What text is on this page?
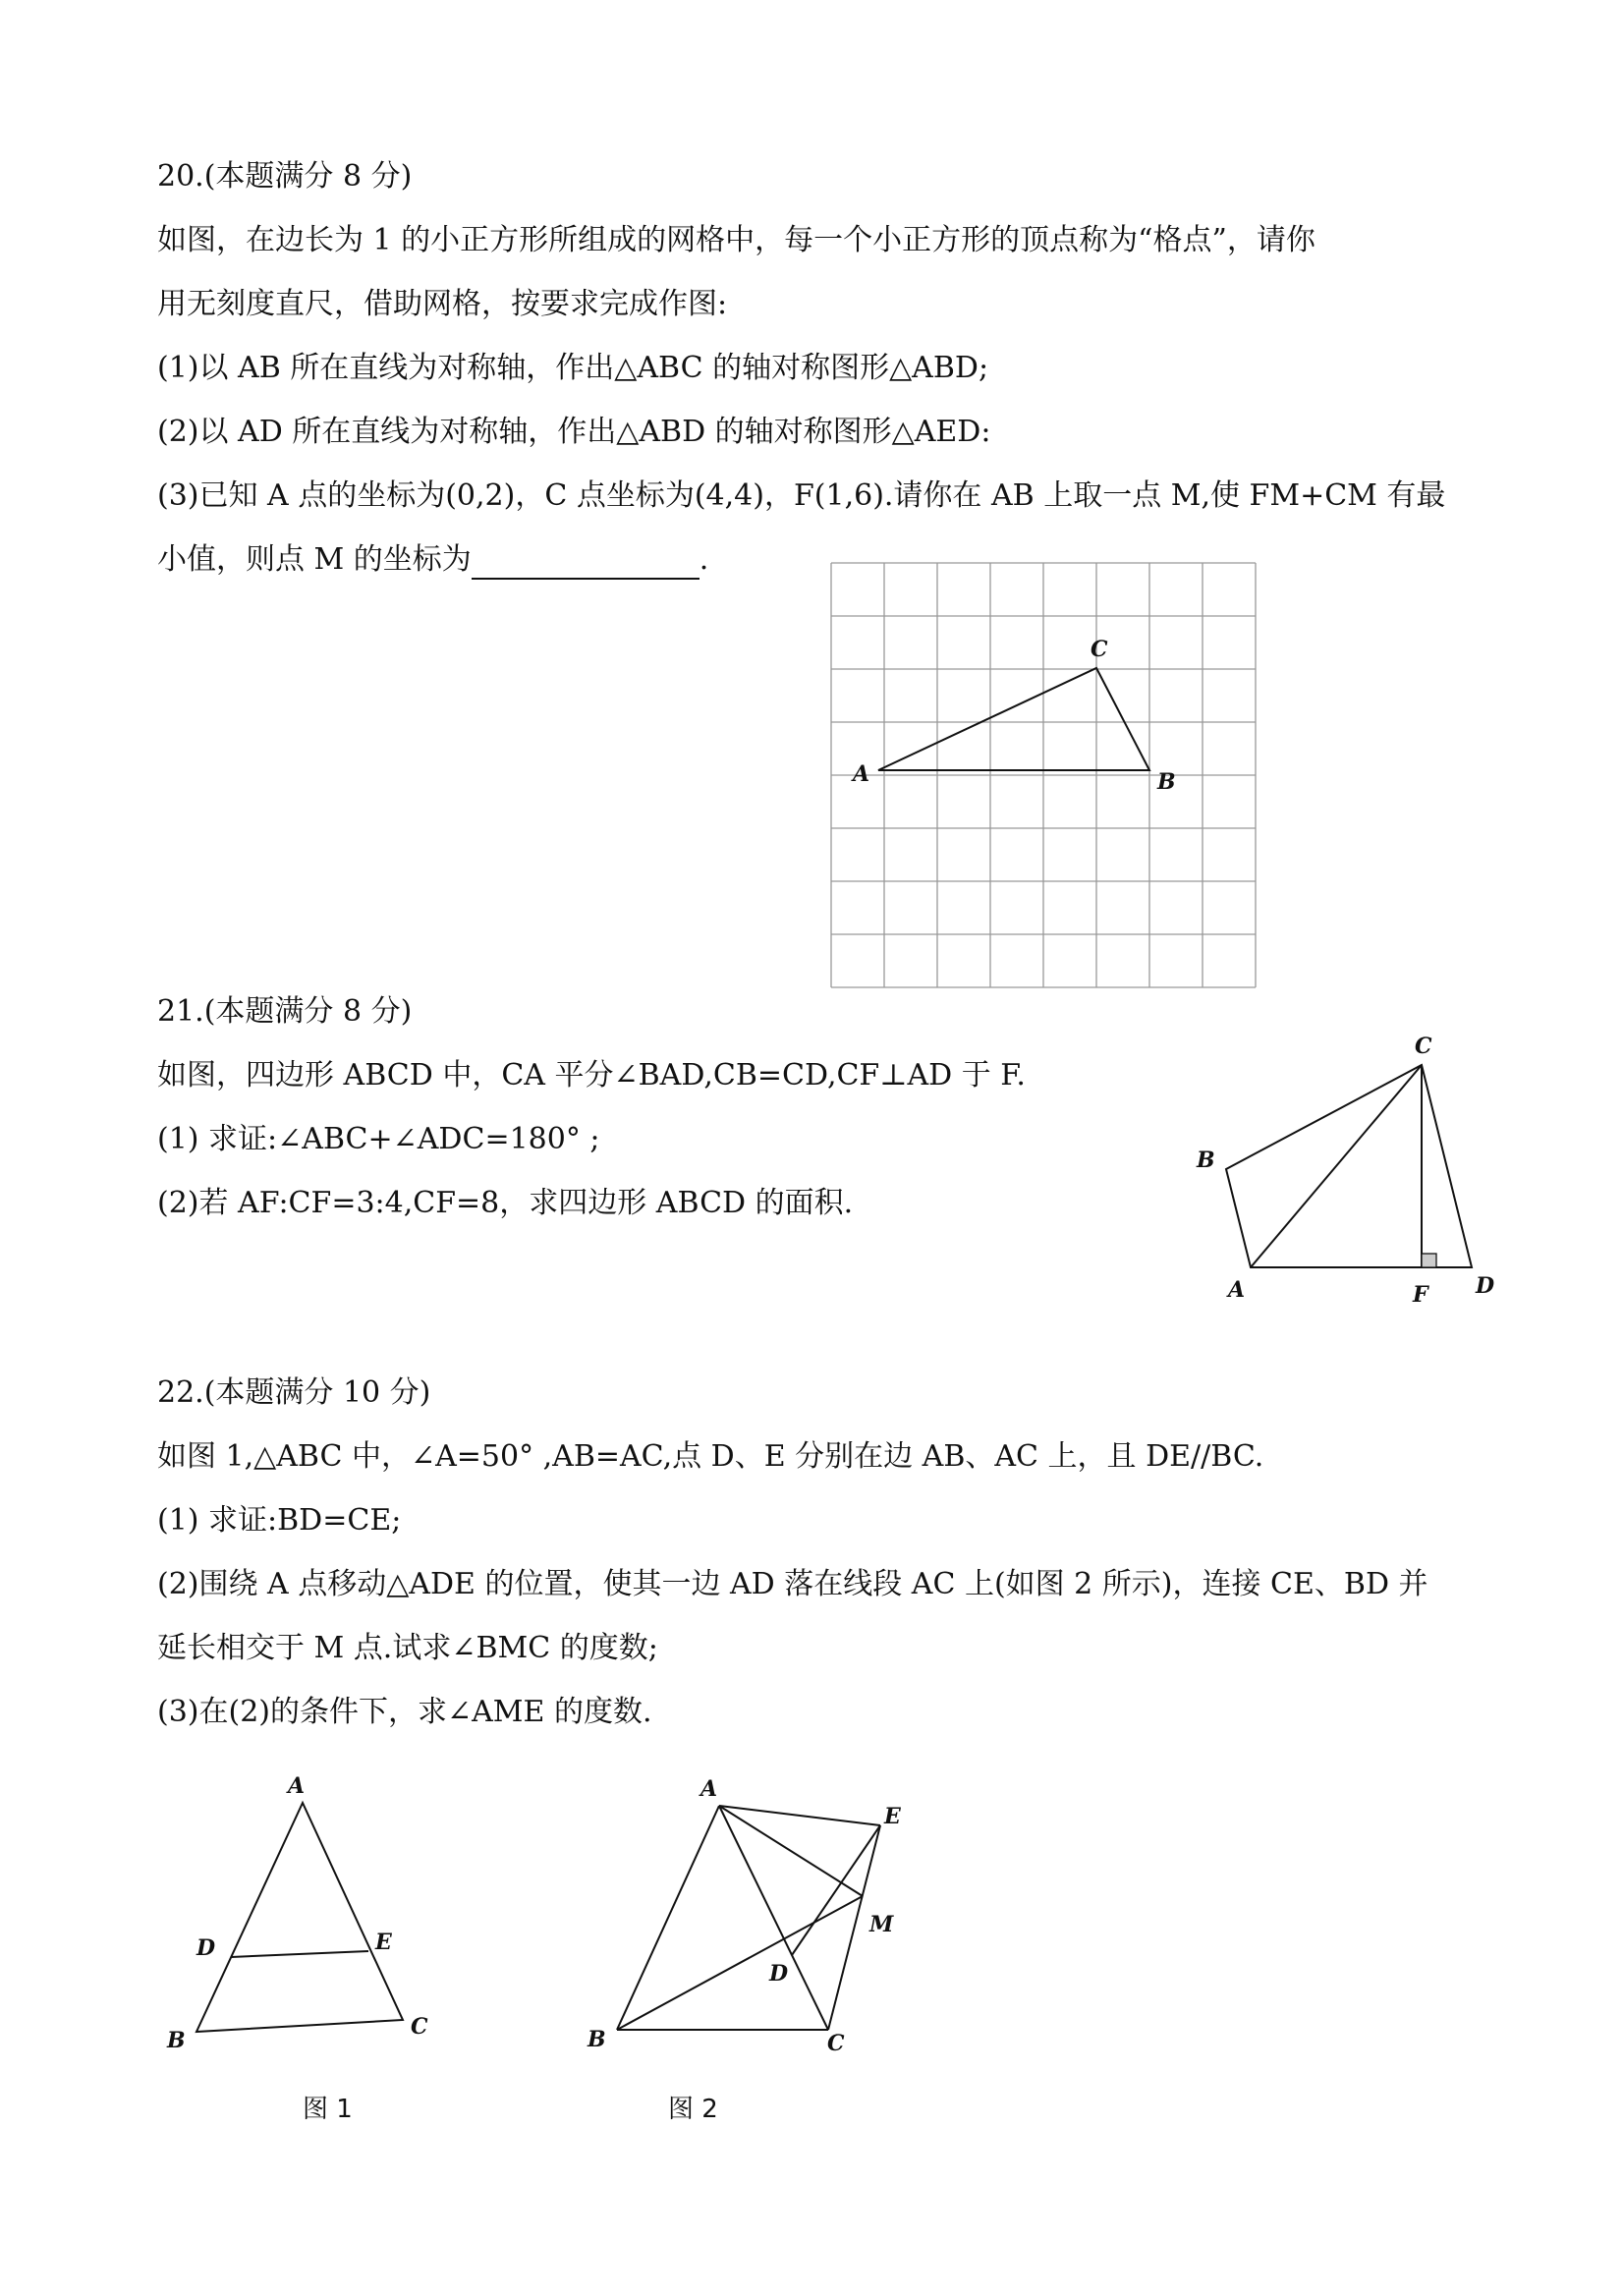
20.(本题满分 8 分)
如图，在边长为 1 的小正方形所组成的网格中，每一个小正方形的顶点称为“格点”，请你
用无刻度直尺，借助网格，按要求完成作图:
(1)以 AB 所在直线为对称轴，作出△ABC 的轴对称图形△ABD;
(2)以 AD 所在直线为对称轴，作出△ABD 的轴对称图形△AED:
(3)已知 A 点的坐标为(0,2)，C 点坐标为(4,4)，F(1,6).请你在 AB 上取一点 M,使 FM+CM 有最
小值，则点 M 的坐标为	.
A	B
C
21.(本题满分 8 分)
如图，四边形 ABCD 中，CA 平分∠BAD,CB=CD,CF⊥AD 于 F.
(1) 求证:∠ABC+∠ADC=180° ;
(2)若 AF:CF=3:4,CF=8，求四边形 ABCD 的面积.
C
B
A	F D
22.(本题满分 10 分)
如图 1,△ABC 中，∠A=50° ,AB=AC,点 D、E 分别在边 AB、AC 上，且 DE//BC.
(1) 求证:BD=CE;
(2)围绕 A 点移动△ADE 的位置，使其一边 AD 落在线段 AC 上(如图 2 所示)，连接 CE、BD 并
延长相交于 M 点.试求∠BMC 的度数;
(3)在(2)的条件下，求∠AME 的度数.
A
D	E
B
C
图 1
A
E
M
D
B	C
图 2
